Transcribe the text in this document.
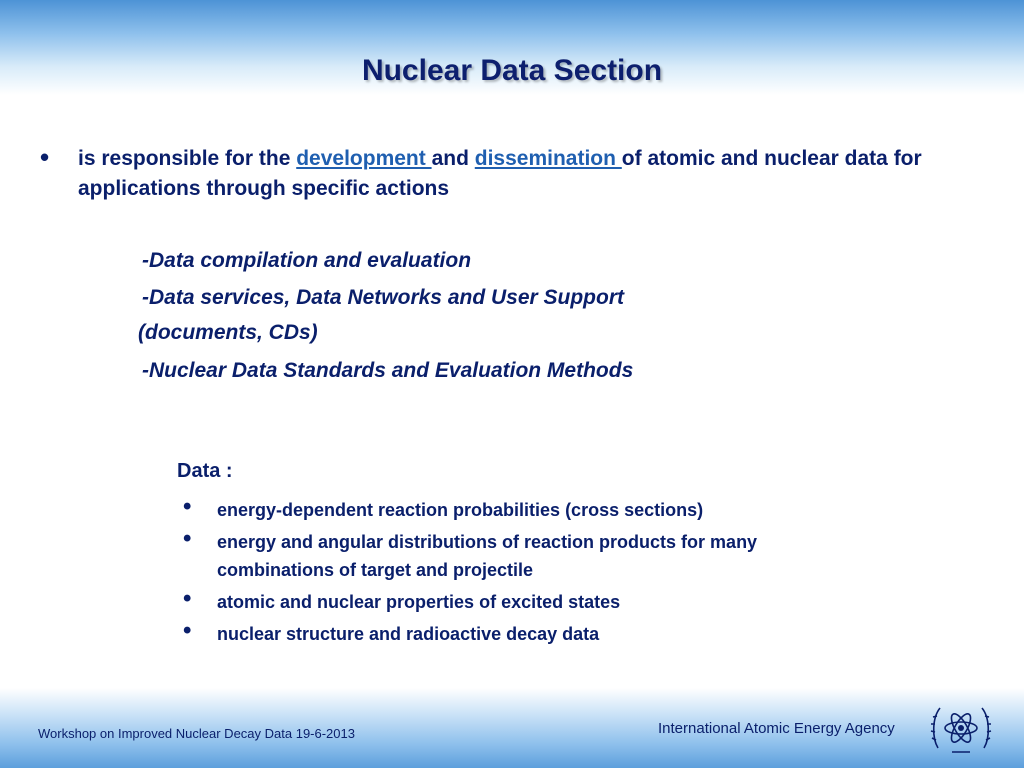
Nuclear Data Section
• is responsible for the development and dissemination of atomic and nuclear data for applications through specific actions
-Data compilation and evaluation
-Data services, Data Networks and User Support
(documents, CDs)
-Nuclear Data Standards and Evaluation Methods
Data :
• energy-dependent reaction probabilities (cross sections)
• energy and angular distributions of reaction products for many combinations of target and projectile
• atomic and nuclear properties of excited states
• nuclear structure and radioactive decay data
Workshop on Improved Nuclear Decay Data 19-6-2013	International Atomic Energy Agency
